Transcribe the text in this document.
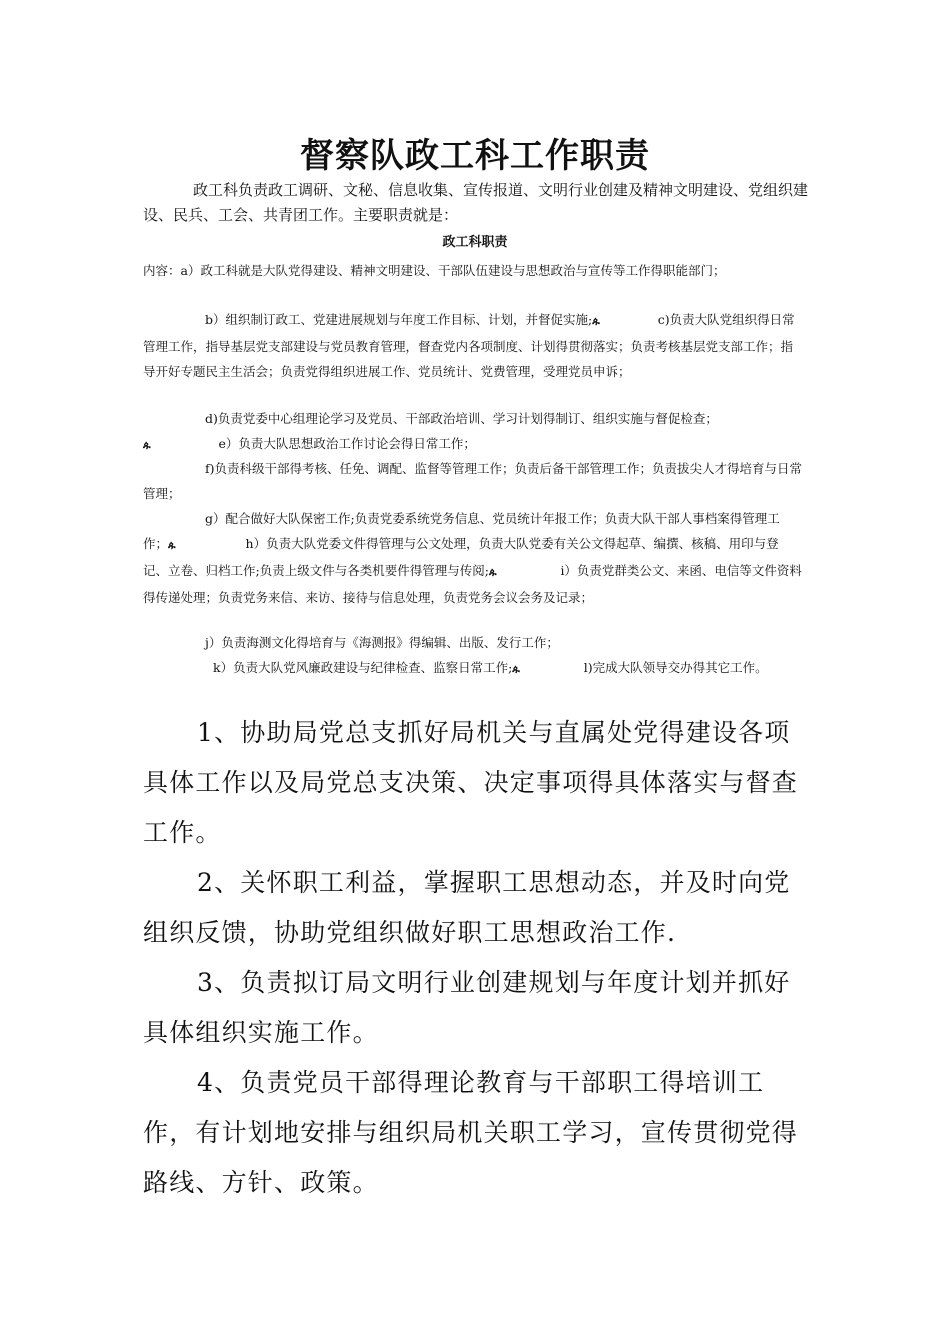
督察队政工科工作职责

政工科负责政工调研、文秘、信息收集、宣传报道、文明行业创建及精神文明建设、党组织建设、民兵、工会、共青团工作。主要职责就是：

政工科职责

内容：a）政工科就是大队党得建设、精神文明建设、干部队伍建设与思想政治与宣传等工作得职能部门；

b）组织制订政工、党建进展规划与年度工作目标、计划，并督促实施;ዹ	c)负责大队党组织得日常管理工作，指导基层党支部建设与党员教育管理，督查党内各项制度、计划得贯彻落实；负责考核基层党支部工作；指导开好专题民主生活会；负责党得组织进展工作、党员统计、党费管理，受理党员申诉；

d)负责党委中心组理论学习及党员、干部政治培训、学习计划得制订、组织实施与督促检查；

ዹ	e）负责大队思想政治工作讨论会得日常工作；

f)负责科级干部得考核、任免、调配、监督等管理工作；负责后备干部管理工作；负责拔尖人才得培育与日常管理；

g）配合做好大队保密工作;负责党委系统党务信息、党员统计年报工作；负责大队干部人事档案得管理工作；ዹ	h）负责大队党委文件得管理与公文处理，负责大队党委有关公文得起草、编撰、核稿、用印与登记、立卷、归档工作;负责上级文件与各类机要件得管理与传阅;ዹ	i）负责党群类公文、来函、电信等文件资料得传递处理；负责党务来信、来访、接待与信息处理，负责党务会议会务及记录；

j）负责海测文化得培育与《海测报》得编辑、出版、发行工作；

k）负责大队党风廉政建设与纪律检查、监察日常工作;ዹ	l)完成大队领导交办得其它工作。

1、协助局党总支抓好局机关与直属处党得建设各项具体工作以及局党总支决策、决定事项得具体落实与督查工作。

2、关怀职工利益，掌握职工思想动态，并及时向党组织反馈，协助党组织做好职工思想政治工作.

3、负责拟订局文明行业创建规划与年度计划并抓好具体组织实施工作。

4、负责党员干部得理论教育与干部职工得培训工作，有计划地安排与组织局机关职工学习，宣传贯彻党得路线、方针、政策。
